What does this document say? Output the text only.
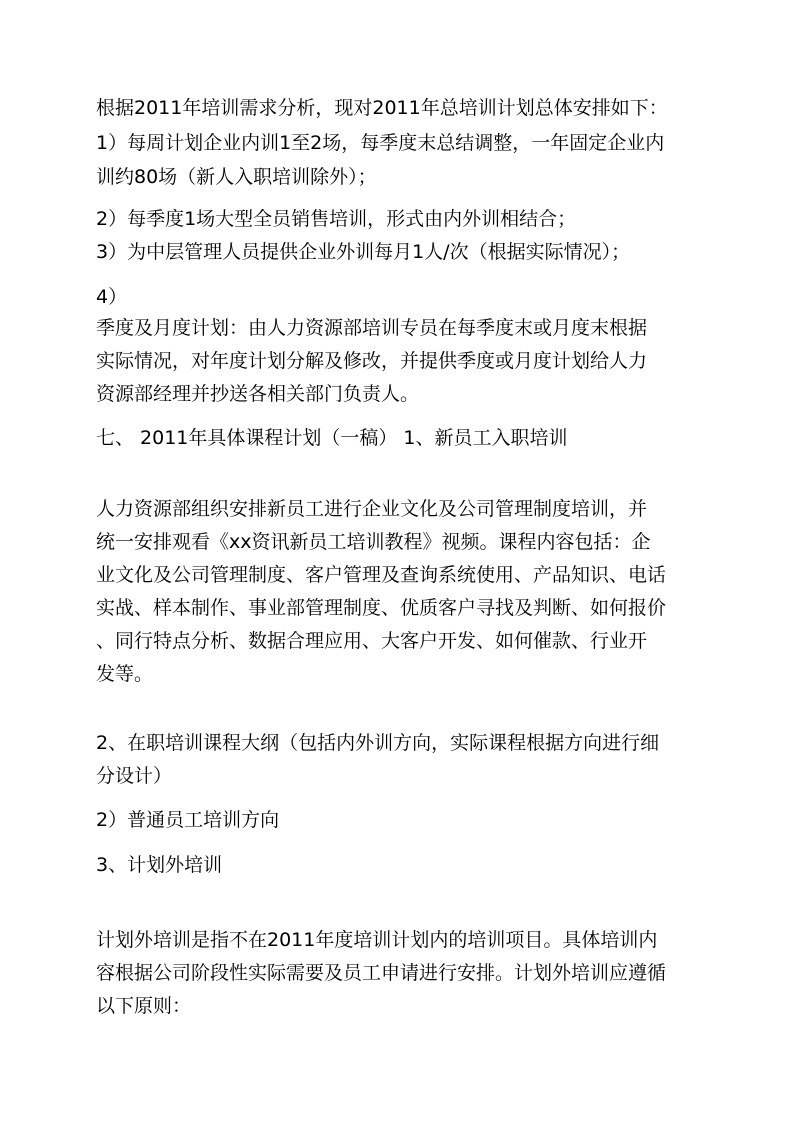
根据2011年培训需求分析，现对2011年总培训计划总体安排如下：
1）每周计划企业内训1至2场，每季度末总结调整，一年固定企业内
训约80场（新人入职培训除外）；
2）每季度1场大型全员销售培训，形式由内外训相结合；
3）为中层管理人员提供企业外训每月1人/次（根据实际情况）；
4）
季度及月度计划：由人力资源部培训专员在每季度末或月度末根据
实际情况，对年度计划分解及修改，并提供季度或月度计划给人力
资源部经理并抄送各相关部门负责人。
七、 2011年具体课程计划（一稿） 1、新员工入职培训
人力资源部组织安排新员工进行企业文化及公司管理制度培训，并
统一安排观看《xx资讯新员工培训教程》视频。课程内容包括：企
业文化及公司管理制度、客户管理及查询系统使用、产品知识、电话
实战、样本制作、事业部管理制度、优质客户寻找及判断、如何报价
、同行特点分析、数据合理应用、大客户开发、如何催款、行业开
发等。
2、在职培训课程大纲（包括内外训方向，实际课程根据方向进行细
分设计）
2）普通员工培训方向
3、计划外培训
计划外培训是指不在2011年度培训计划内的培训项目。具体培训内
容根据公司阶段性实际需要及员工申请进行安排。计划外培训应遵循
以下原则：
